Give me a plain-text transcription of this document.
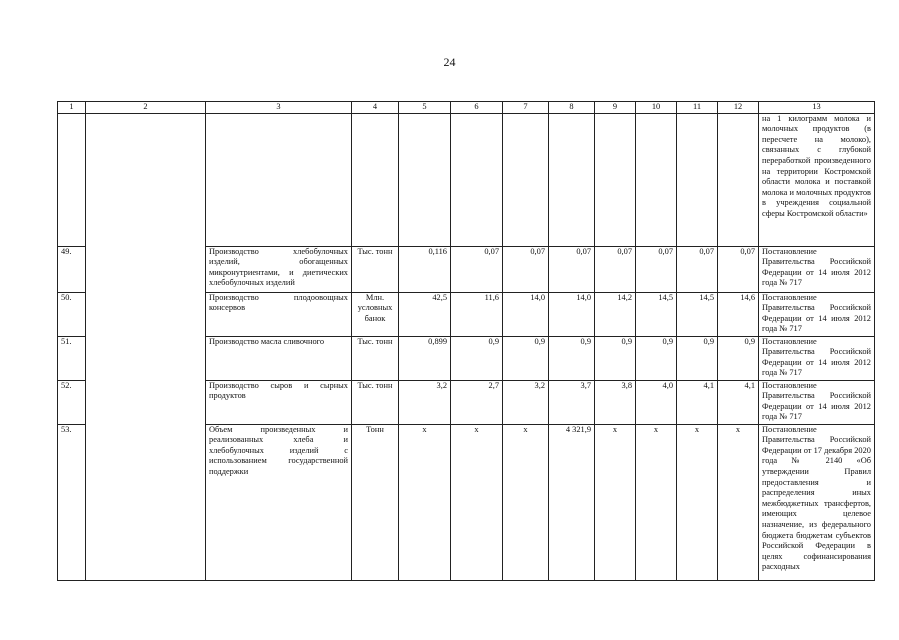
24
1	2	3	4	5	6	7	8	9	10	11	12	13
												на 1 килограмм молока и молочных продуктов (в пересчете на молоко), связанных с глубокой переработкой произведенного на территории Костромской области молока и поставкой молока и молочных продуктов в учреждения социальной сферы Костромской области»
49.		Производство хлебобулочных изделий, обогащенных микронутриентами, и диетических хлебобулочных изделий	Тыс. тонн	0,116	0,07	0,07	0,07	0,07	0,07	0,07	0,07	Постановление Правительства Российской Федерации от 14 июля 2012 года № 717
50.		Производство плодоовощных консервов	Млн. условных банок	42,5	11,6	14,0	14,0	14,2	14,5	14,5	14,6	Постановление Правительства Российской Федерации от 14 июля 2012 года № 717
51.		Производство масла сливочного	Тыс. тонн	0,899	0,9	0,9	0,9	0,9	0,9	0,9	0,9	Постановление Правительства Российской Федерации от 14 июля 2012 года № 717
52.		Производство сыров и сырных продуктов	Тыс. тонн	3,2	2,7	3,2	3,7	3,8	4,0	4,1	4,1	Постановление Правительства Российской Федерации от 14 июля 2012 года № 717
53.		Объем произведенных и реализованных хлеба и хлебобулочных изделий с использованием государственной поддержки	Тонн	х	х	х	4 321,9	х	х	х	х	Постановление Правительства Российской Федерации от 17 декабря 2020 года № 2140 «Об утверждении Правил предоставления и распределения иных межбюджетных трансфертов, имеющих целевое назначение, из федерального бюджета бюджетам субъектов Российской Федерации в целях софинансирования расходных
